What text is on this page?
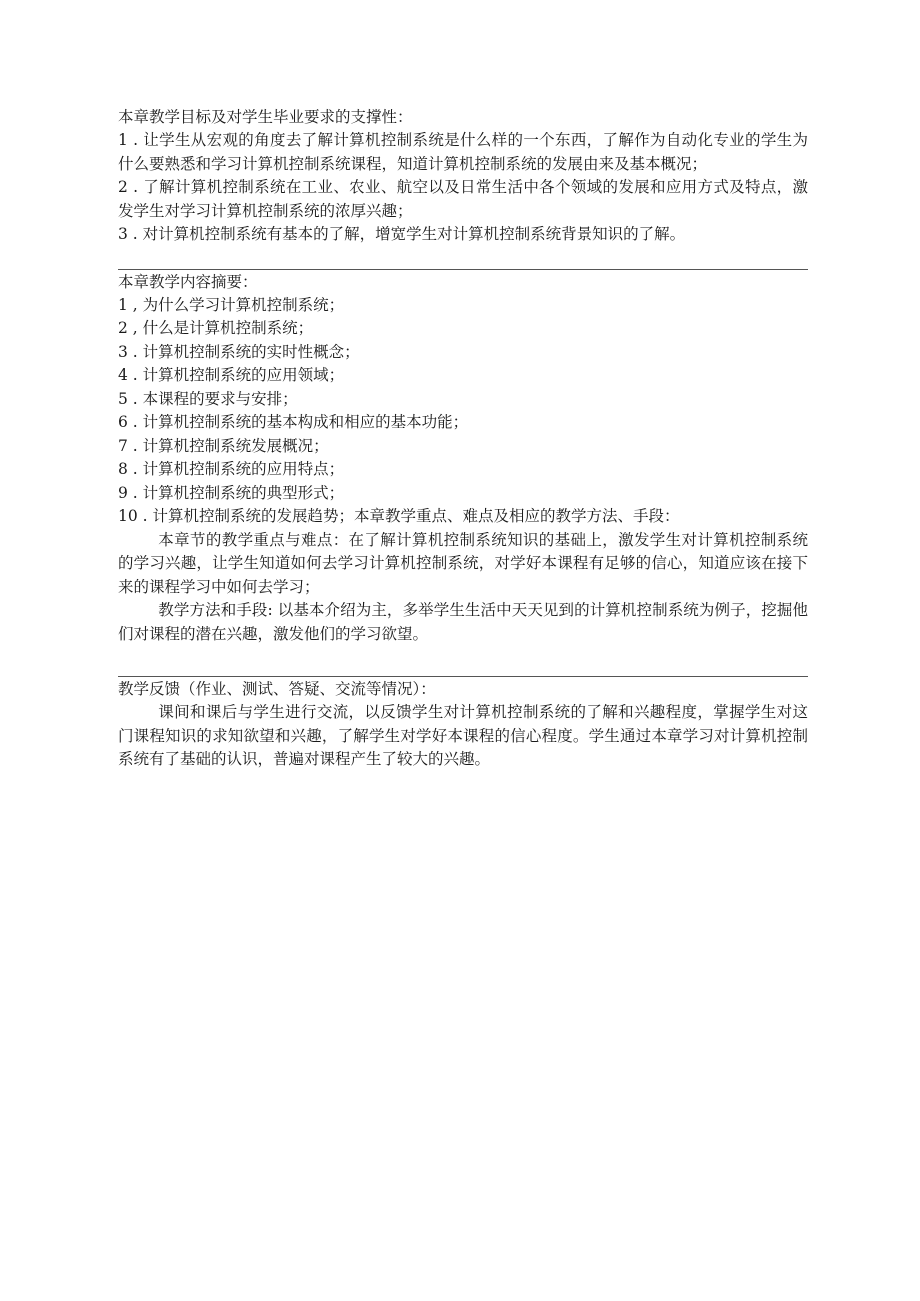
本章教学目标及对学生毕业要求的支撑性：

1 . 让学生从宏观的角度去了解计算机控制系统是什么样的一个东西，了解作为自动化专业的学生为什么要熟悉和学习计算机控制系统课程，知道计算机控制系统的发展由来及基本概况；

2 . 了解计算机控制系统在工业、农业、航空以及日常生活中各个领域的发展和应用方式及特点，激发学生对学习计算机控制系统的浓厚兴趣；

3 . 对计算机控制系统有基本的了解，增宽学生对计算机控制系统背景知识的了解。

本章教学内容摘要：

1 , 为什么学习计算机控制系统；

2 , 什么是计算机控制系统；

3 . 计算机控制系统的实时性概念；

4 . 计算机控制系统的应用领域；

5 . 本课程的要求与安排；

6 . 计算机控制系统的基本构成和相应的基本功能；

7 . 计算机控制系统发展概况；

8 . 计算机控制系统的应用特点；

9 . 计算机控制系统的典型形式；

10 . 计算机控制系统的发展趋势；本章教学重点、难点及相应的教学方法、手段：

本章节的教学重点与难点：在了解计算机控制系统知识的基础上，激发学生对计算机控制系统的学习兴趣，让学生知道如何去学习计算机控制系统，对学好本课程有足够的信心，知道应该在接下来的课程学习中如何去学习；

教学方法和手段: 以基本介绍为主，多举学生生活中天天见到的计算机控制系统为例子，挖掘他们对课程的潜在兴趣，激发他们的学习欲望。

教学反馈（作业、测试、答疑、交流等情况）：

课间和课后与学生进行交流，以反馈学生对计算机控制系统的了解和兴趣程度，掌握学生对这门课程知识的求知欲望和兴趣，了解学生对学好本课程的信心程度。学生通过本章学习对计算机控制系统有了基础的认识，普遍对课程产生了较大的兴趣。
